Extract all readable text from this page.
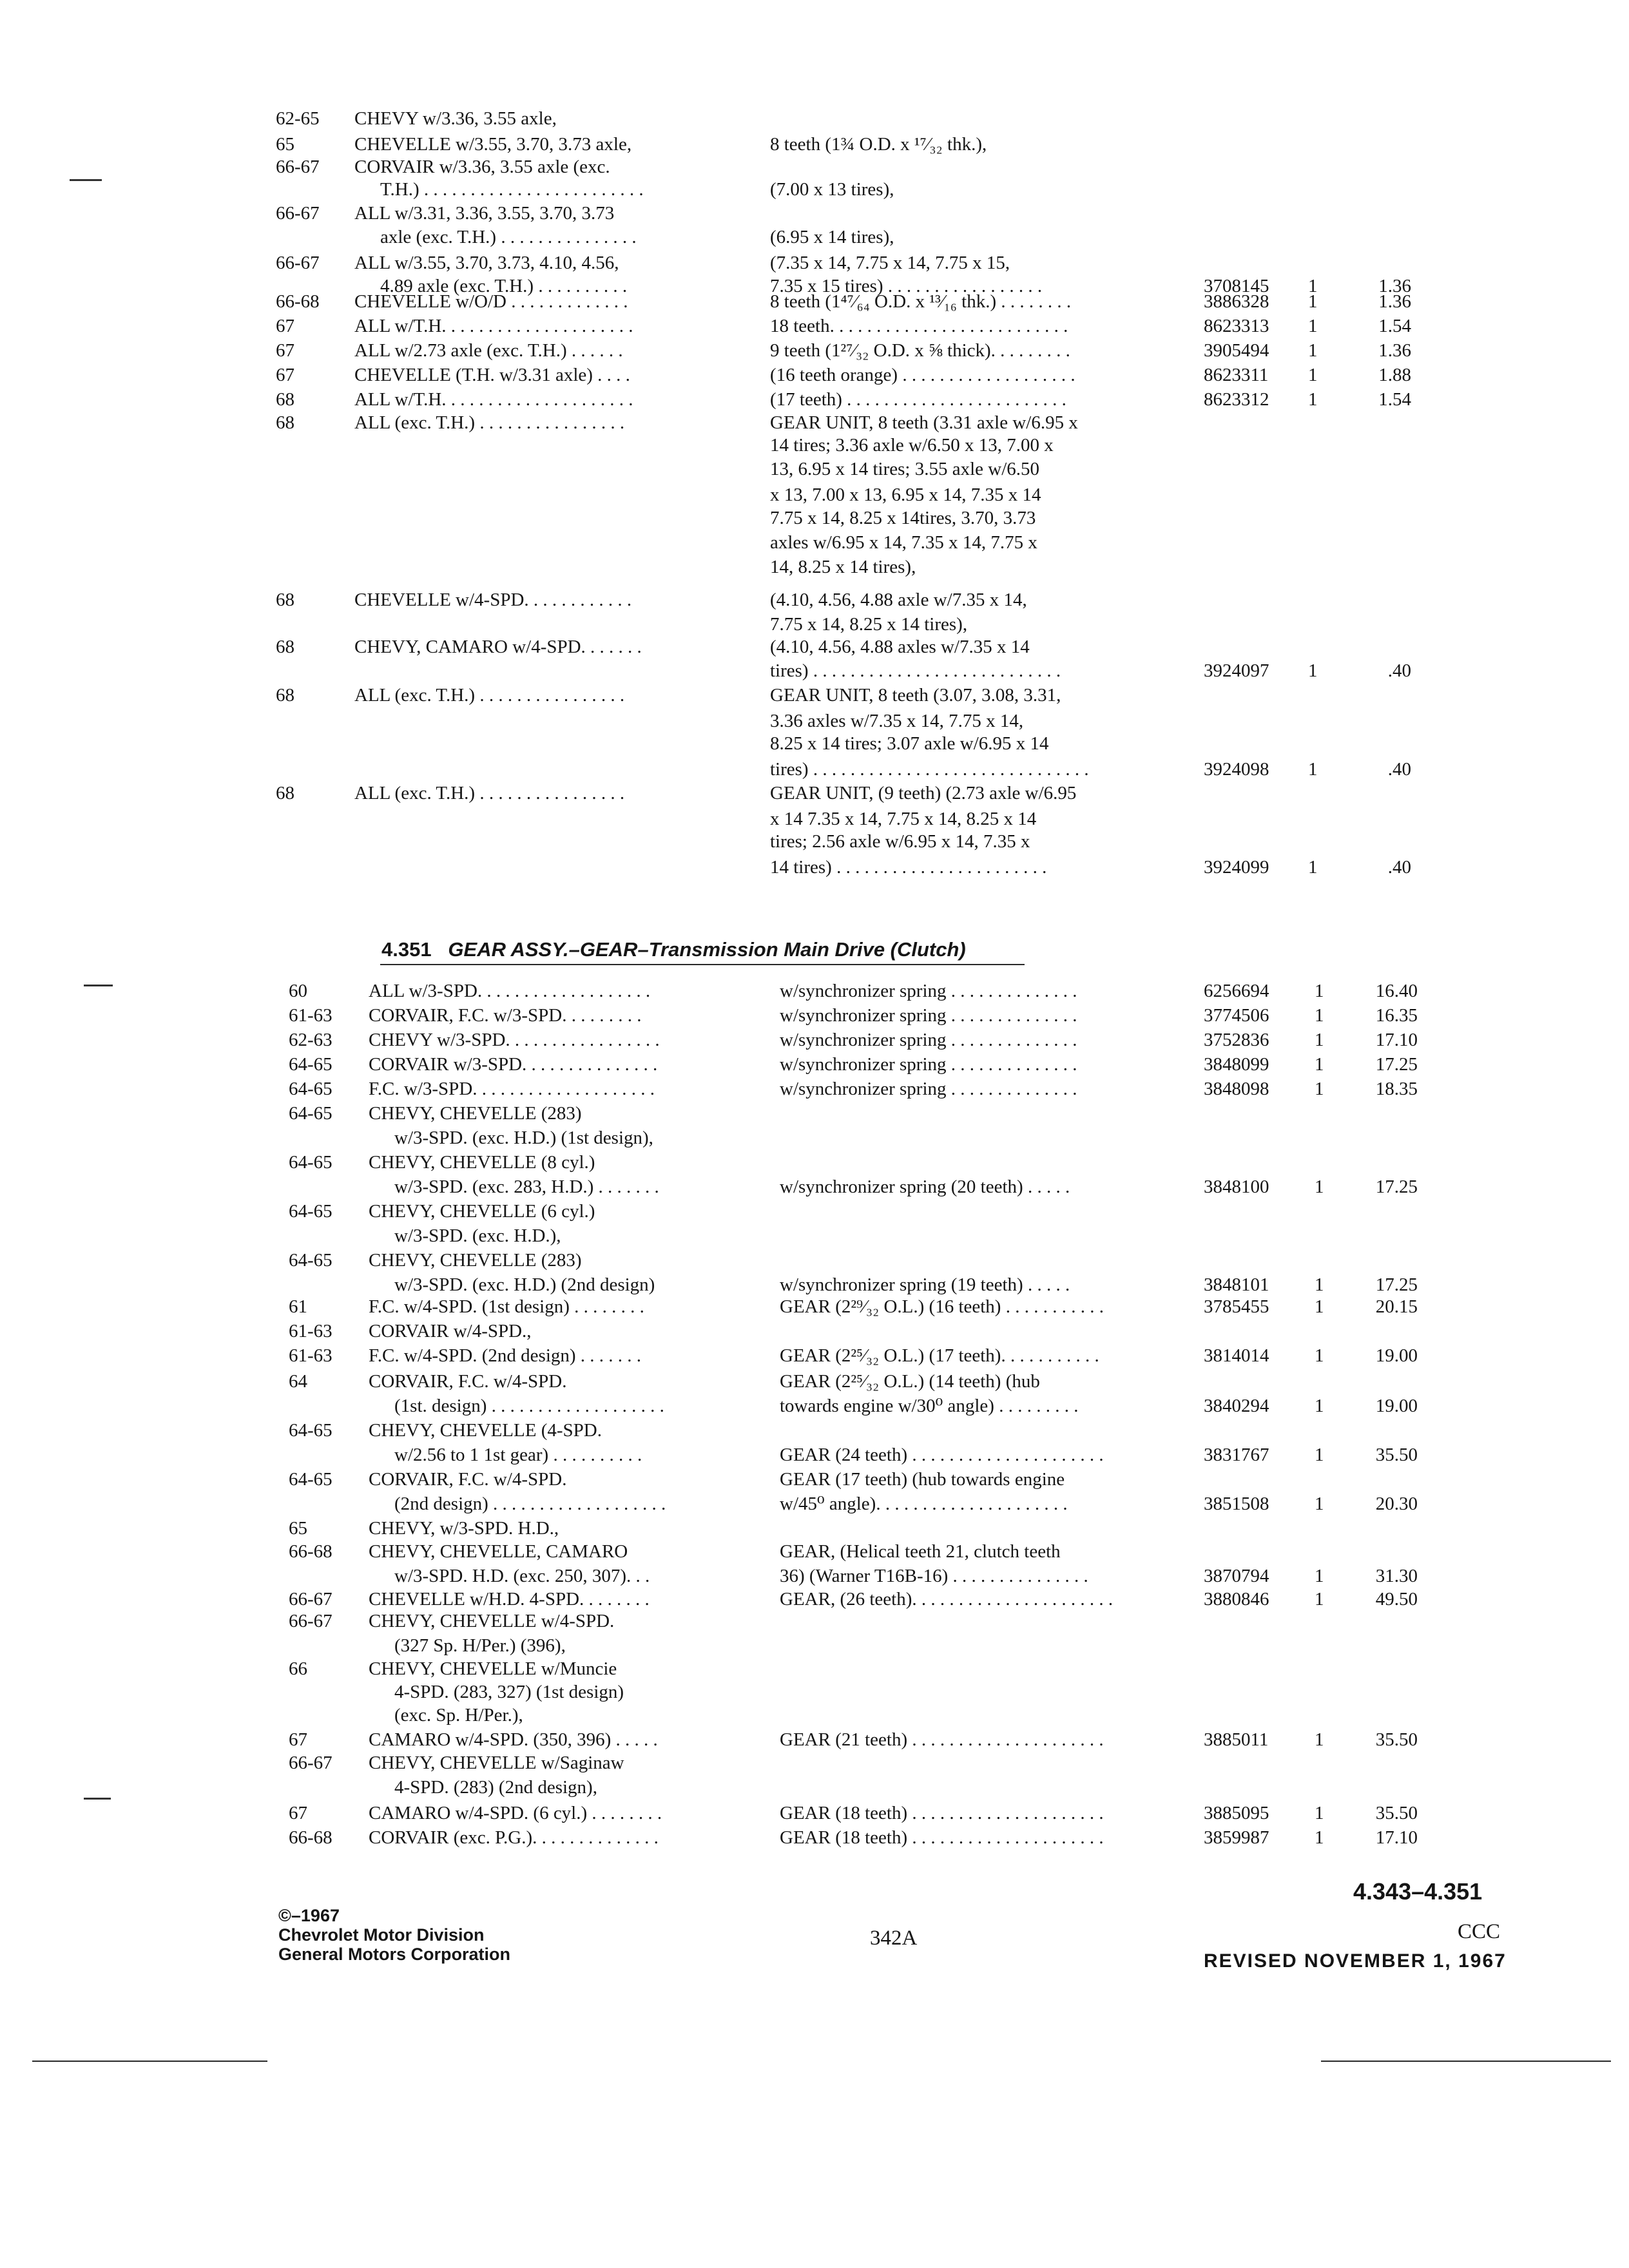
62-65 CHEVY w/3.36, 3.55 axle,
65	CHEVELLE w/3.55, 3.70, 3.73 axle,	8 teeth (1¾ O.D. x ¹⁷⁄₃₂ thk.),
66-67 CORVAIR w/3.36, 3.55 axle (exc.
T.H.) . . . . . . . . . . . . . . . . . . . . . . . .	(7.00 x 13 tires),
66-67 ALL w/3.31, 3.36, 3.55, 3.70, 3.73
axle (exc. T.H.) . . . . . . . . . . . . . . .	(6.95 x 14 tires),
66-67 ALL w/3.55, 3.70, 3.73, 4.10, 4.56,	(7.35 x 14, 7.75 x 14, 7.75 x 15,
4.89 axle (exc. T.H.) . . . . . . . . . .	7.35 x 15 tires) . . . . . . . . . . . . . . . . .	3708145 1	1.36
66-68 CHEVELLE w/O/D . . . . . . . . . . . . .	8 teeth (1⁴⁷⁄₆₄ O.D. x ¹³⁄₁₆ thk.) . . . . . . . .	3886328 1	1.36
67	ALL w/T.H. . . . . . . . . . . . . . . . . . . . .	18 teeth. . . . . . . . . . . . . . . . . . . . . . . . . .	8623313 1	1.54
67	ALL w/2.73 axle (exc. T.H.) . . . . . .	9 teeth (1²⁷⁄₃₂ O.D. x ⅝ thick). . . . . . . . .	3905494 1	1.36
67	CHEVELLE (T.H. w/3.31 axle) . . . .	(16 teeth orange) . . . . . . . . . . . . . . . . . . .	8623311 1	1.88
68	ALL w/T.H. . . . . . . . . . . . . . . . . . . . .	(17 teeth) . . . . . . . . . . . . . . . . . . . . . . . .	8623312 1	1.54
68	ALL (exc. T.H.) . . . . . . . . . . . . . . . .	GEAR UNIT, 8 teeth (3.31 axle w/6.95 x
14 tires; 3.36 axle w/6.50 x 13, 7.00 x
13, 6.95 x 14 tires; 3.55 axle w/6.50
x 13, 7.00 x 13, 6.95 x 14, 7.35 x 14
7.75 x 14, 8.25 x 14tires, 3.70, 3.73
axles w/6.95 x 14, 7.35 x 14, 7.75 x
14, 8.25 x 14 tires),
68	CHEVELLE w/4-SPD. . . . . . . . . . . .	(4.10, 4.56, 4.88 axle w/7.35 x 14,
7.75 x 14, 8.25 x 14 tires),
68	CHEVY, CAMARO w/4-SPD. . . . . . .	(4.10, 4.56, 4.88 axles w/7.35 x 14
tires) . . . . . . . . . . . . . . . . . . . . . . . . . . .	3924097 1	.40
68	ALL (exc. T.H.) . . . . . . . . . . . . . . . .	GEAR UNIT, 8 teeth (3.07, 3.08, 3.31,
3.36 axles w/7.35 x 14, 7.75 x 14,
8.25 x 14 tires; 3.07 axle w/6.95 x 14
tires) . . . . . . . . . . . . . . . . . . . . . . . . . . . . . .	3924098 1	.40
68	ALL (exc. T.H.) . . . . . . . . . . . . . . . .	GEAR UNIT, (9 teeth) (2.73 axle w/6.95
x 14 7.35 x 14, 7.75 x 14, 8.25 x 14
tires; 2.56 axle w/6.95 x 14, 7.35 x
14 tires) . . . . . . . . . . . . . . . . . . . . . . .	3924099 1	.40
4.351 GEAR ASSY.–GEAR–Transmission Main Drive (Clutch)
60	ALL w/3-SPD. . . . . . . . . . . . . . . . . . .	w/synchronizer spring . . . . . . . . . . . . . .	6256694 1	16.40
61-63 CORVAIR, F.C. w/3-SPD. . . . . . . . .	w/synchronizer spring . . . . . . . . . . . . . .	3774506 1	16.35
62-63 CHEVY w/3-SPD. . . . . . . . . . . . . . . . .	w/synchronizer spring . . . . . . . . . . . . . .	3752836 1	17.10
64-65 CORVAIR w/3-SPD. . . . . . . . . . . . . . .	w/synchronizer spring . . . . . . . . . . . . . .	3848099 1	17.25
64-65 F.C. w/3-SPD. . . . . . . . . . . . . . . . . . . .	w/synchronizer spring . . . . . . . . . . . . . .	3848098 1	18.35
64-65 CHEVY, CHEVELLE (283)
w/3-SPD. (exc. H.D.) (1st design),
64-65 CHEVY, CHEVELLE (8 cyl.)
w/3-SPD. (exc. 283, H.D.) . . . . . . .	w/synchronizer spring (20 teeth) . . . . .	3848100 1	17.25
64-65 CHEVY, CHEVELLE (6 cyl.)
w/3-SPD. (exc. H.D.),
64-65 CHEVY, CHEVELLE (283)
w/3-SPD. (exc. H.D.) (2nd design)	w/synchronizer spring (19 teeth) . . . . .	3848101 1	17.25
61	F.C. w/4-SPD. (1st design) . . . . . . . .	GEAR (2²⁹⁄₃₂ O.L.) (16 teeth) . . . . . . . . . . .	3785455 1	20.15
61-63 CORVAIR w/4-SPD.,
61-63 F.C. w/4-SPD. (2nd design) . . . . . . .	GEAR (2²⁵⁄₃₂ O.L.) (17 teeth). . . . . . . . . . .	3814014 1	19.00
64	CORVAIR, F.C. w/4-SPD.	GEAR (2²⁵⁄₃₂ O.L.) (14 teeth) (hub
(1st. design) . . . . . . . . . . . . . . . . . . .	towards engine w/30⁰ angle) . . . . . . . . .	3840294 1	19.00
64-65 CHEVY, CHEVELLE (4-SPD.
w/2.56 to 1 1st gear) . . . . . . . . . .	GEAR (24 teeth) . . . . . . . . . . . . . . . . . . . . .	3831767 1	35.50
64-65 CORVAIR, F.C. w/4-SPD.	GEAR (17 teeth) (hub towards engine
(2nd design) . . . . . . . . . . . . . . . . . . .	w/45⁰ angle). . . . . . . . . . . . . . . . . . . . .	3851508 1	20.30
65	CHEVY, w/3-SPD. H.D.,
66-68 CHEVY, CHEVELLE, CAMARO	GEAR, (Helical teeth 21, clutch teeth
w/3-SPD. H.D. (exc. 250, 307). . .	36) (Warner T16B-16) . . . . . . . . . . . . . . .	3870794 1	31.30
66-67 CHEVELLE w/H.D. 4-SPD. . . . . . . .	GEAR, (26 teeth). . . . . . . . . . . . . . . . . . . . . .	3880846 1	49.50
66-67 CHEVY, CHEVELLE w/4-SPD.
(327 Sp. H/Per.) (396),
66	CHEVY, CHEVELLE w/Muncie
4-SPD. (283, 327) (1st design)
(exc. Sp. H/Per.),
67	CAMARO w/4-SPD. (350, 396) . . . . .	GEAR (21 teeth) . . . . . . . . . . . . . . . . . . . . .	3885011 1	35.50
66-67 CHEVY, CHEVELLE w/Saginaw
4-SPD. (283) (2nd design),
67	CAMARO w/4-SPD. (6 cyl.) . . . . . . . .	GEAR (18 teeth) . . . . . . . . . . . . . . . . . . . . .	3885095 1	35.50
66-68 CORVAIR (exc. P.G.). . . . . . . . . . . . . .	GEAR (18 teeth) . . . . . . . . . . . . . . . . . . . . .	3859987 1	17.10
4.343–4.351
©–1967
Chevrolet Motor Division
General Motors Corporation
342A	CCC
REVISED NOVEMBER 1, 1967
